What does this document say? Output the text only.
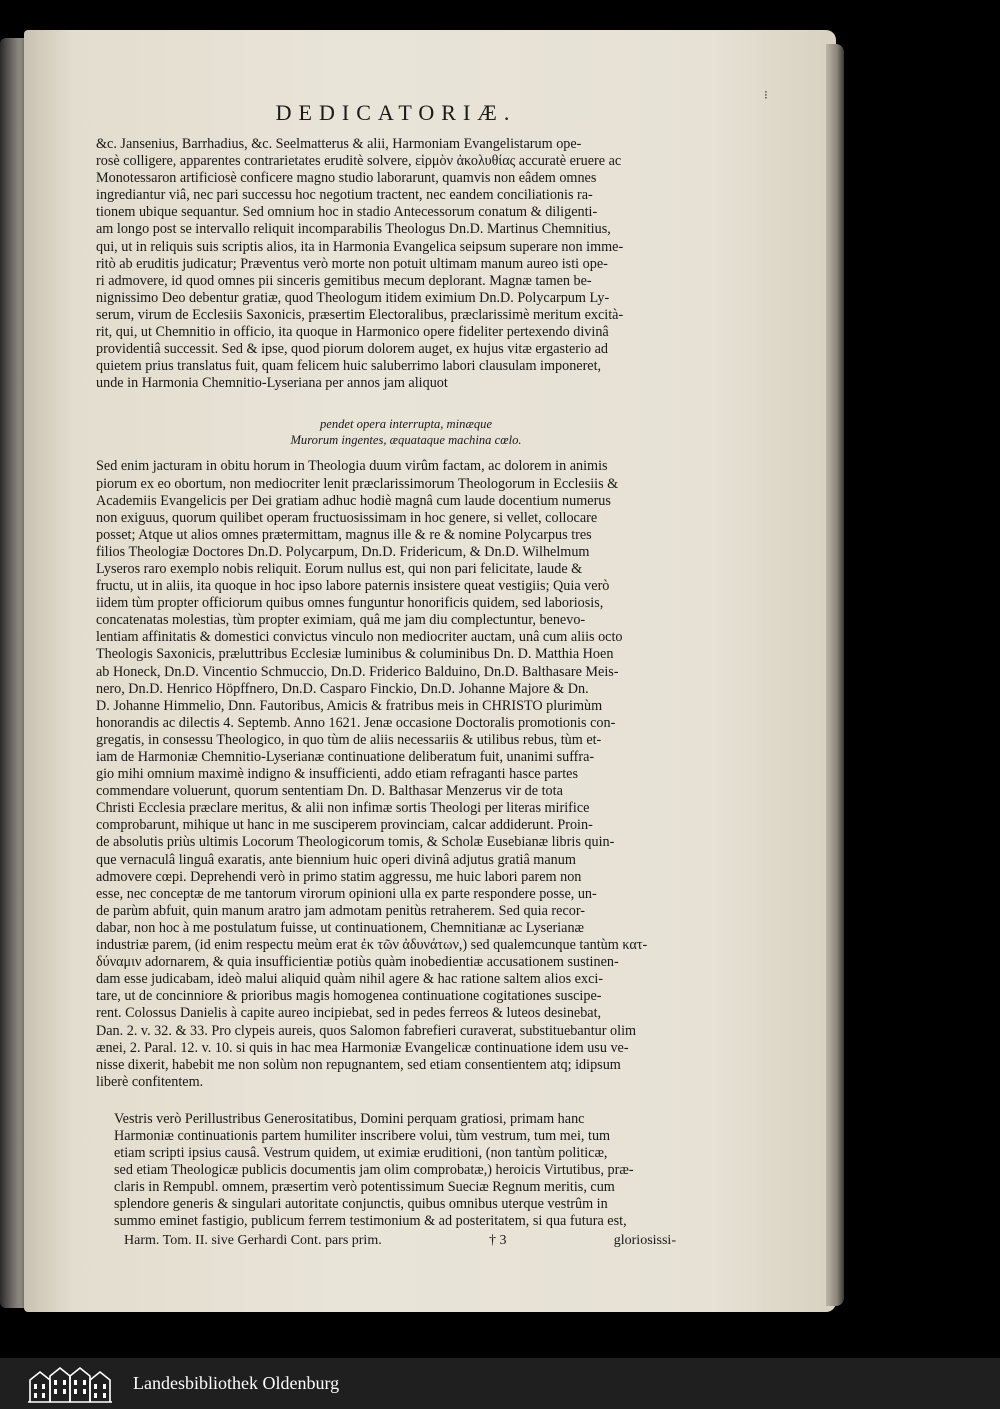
⁝
DEDICATORIÆ.
&c. Jansenius, Barrhadius, &c. Seelmatterus & alii, Harmoniam Evangelistarum ope-
rosè colligere, apparentes contrarietates eruditè solvere, εἱρμὸν ἀκολυθίας accuratè eruere ac
Monotessaron artificiosè conficere magno studio laborarunt, quamvis non eâdem omnes
ingrediantur viâ, nec pari successu hoc negotium tractent, nec eandem conciliationis ra-
tionem ubique sequantur. Sed omnium hoc in stadio Antecessorum conatum & diligenti-
am longo post se intervallo reliquit incomparabilis Theologus Dn.D. Martinus Chemnitius,
qui, ut in reliquis suis scriptis alios, ita in Harmonia Evangelica seipsum superare non imme-
ritò ab eruditis judicatur; Præventus verò morte non potuit ultimam manum aureo isti ope-
ri admovere, id quod omnes pii sinceris gemitibus mecum deplorant. Magnæ tamen be-
nignissimo Deo debentur gratiæ, quod Theologum itidem eximium Dn.D. Polycarpum Ly-
serum, virum de Ecclesiis Saxonicis, præsertim Electoralibus, præclarissimè meritum excità-
rit, qui, ut Chemnitio in officio, ita quoque in Harmonico opere fideliter pertexendo divinâ
providentiâ successit. Sed & ipse, quod piorum dolorem auget, ex hujus vitæ ergasterio ad
quietem prius translatus fuit, quam felicem huic saluberrimo labori clausulam imponeret,
unde in Harmonia Chemnitio-Lyseriana per annos jam aliquot
pendet opera interrupta, minæque
Murorum ingentes, æquataque machina cœlo.
Sed enim jacturam in obitu horum in Theologia duum virûm factam, ac dolorem in animis
piorum ex eo obortum, non mediocriter lenit præclarissimorum Theologorum in Ecclesiis &
Academiis Evangelicis per Dei gratiam adhuc hodiè magnâ cum laude docentium numerus
non exiguus, quorum quilibet operam fructuosissimam in hoc genere, si vellet, collocare
posset; Atque ut alios omnes prætermittam, magnus ille & re & nomine Polycarpus tres
filios Theologiæ Doctores Dn.D. Polycarpum, Dn.D. Fridericum, & Dn.D. Wilhelmum
Lyseros raro exemplo nobis reliquit. Eorum nullus est, qui non pari felicitate, laude &
fructu, ut in aliis, ita quoque in hoc ipso labore paternis insistere queat vestigiis; Quia verò
iidem tùm propter officiorum quibus omnes funguntur honorificis quidem, sed laboriosis,
concatenatas molestias, tùm propter eximiam, quâ me jam diu complectuntur, benevo-
lentiam affinitatis & domestici convictus vinculo non mediocriter auctam, unâ cum aliis octo
Theologis Saxonicis, præluttribus Ecclesiæ luminibus & columinibus Dn. D. Matthia Hoen
ab Honeck, Dn.D. Vincentio Schmuccio, Dn.D. Friderico Balduino, Dn.D. Balthasare Meis-
nero, Dn.D. Henrico Höpffnero, Dn.D. Casparo Finckio, Dn.D. Johanne Majore & Dn.
D. Johanne Himmelio, Dnn. Fautoribus, Amicis & fratribus meis in CHRISTO plurimùm
honorandis ac dilectis 4. Septemb. Anno 1621. Jenæ occasione Doctoralis promotionis con-
gregatis, in consessu Theologico, in quo tùm de aliis necessariis & utilibus rebus, tùm et-
iam de Harmoniæ Chemnitio-Lyserianæ continuatione deliberatum fuit, unanimi suffra-
gio mihi omnium maximè indigno & insufficienti, addo etiam refraganti hasce partes
commendare voluerunt, quorum sententiam Dn. D. Balthasar Menzerus vir de tota
Christi Ecclesia præclare meritus, & alii non infimæ sortis Theologi per literas mirifice
comprobarunt, mihique ut hanc in me susciperem provinciam, calcar addiderunt. Proin-
de absolutis priùs ultimis Locorum Theologicorum tomis, & Scholæ Eusebianæ libris quin-
que vernaculâ linguâ exaratis, ante biennium huic operi divinâ adjutus gratiâ manum
admovere cœpi. Deprehendi verò in primo statim aggressu, me huic labori parem non
esse, nec conceptæ de me tantorum virorum opinioni ulla ex parte respondere posse, un-
de parùm abfuit, quin manum aratro jam admotam penitùs retraherem. Sed quia recor-
dabar, non hoc à me postulatum fuisse, ut continuationem, Chemnitianæ ac Lyserianæ
industriæ parem, (id enim respectu meùm erat ἐκ τῶν ἀδυνάτων,) sed qualemcunque tantùm κατ-
δύναμιν adornarem, & quia insufficientiæ potiùs quàm inobedientiæ accusationem sustinen-
dam esse judicabam, ideò malui aliquid quàm nihil agere & hac ratione saltem alios exci-
tare, ut de concinniore & prioribus magis homogenea continuatione cogitationes suscipe-
rent. Colossus Danielis à capite aureo incipiebat, sed in pedes ferreos & luteos desinebat,
Dan. 2. v. 32. & 33. Pro clypeis aureis, quos Salomon fabrefieri curaverat, substituebantur olim
ænei, 2. Paral. 12. v. 10. si quis in hac mea Harmoniæ Evangelicæ continuatione idem usu ve-
nisse dixerit, habebit me non solùm non repugnantem, sed etiam consentientem atq; idipsum
liberè confitentem.
Vestris verò Perillustribus Generositatibus, Domini perquam gratiosi, primam hanc
Harmoniæ continuationis partem humiliter inscribere volui, tùm vestrum, tum mei, tum
etiam scripti ipsius causâ. Vestrum quidem, ut eximiæ eruditioni, (non tantùm politicæ,
sed etiam Theologicæ publicis documentis jam olim comprobatæ,) heroicis Virtutibus, præ-
claris in Rempubl. omnem, præsertim verò potentissimum Sueciæ Regnum meritis, cum
splendore generis & singulari autoritate conjunctis, quibus omnibus uterque vestrûm in
summo eminet fastigio, publicum ferrem testimonium & ad posteritatem, si qua futura est,
Harm. Tom. II. sive Gerhardi Cont. pars prim.	† 3	gloriosissi-
Landesbibliothek Oldenburg
